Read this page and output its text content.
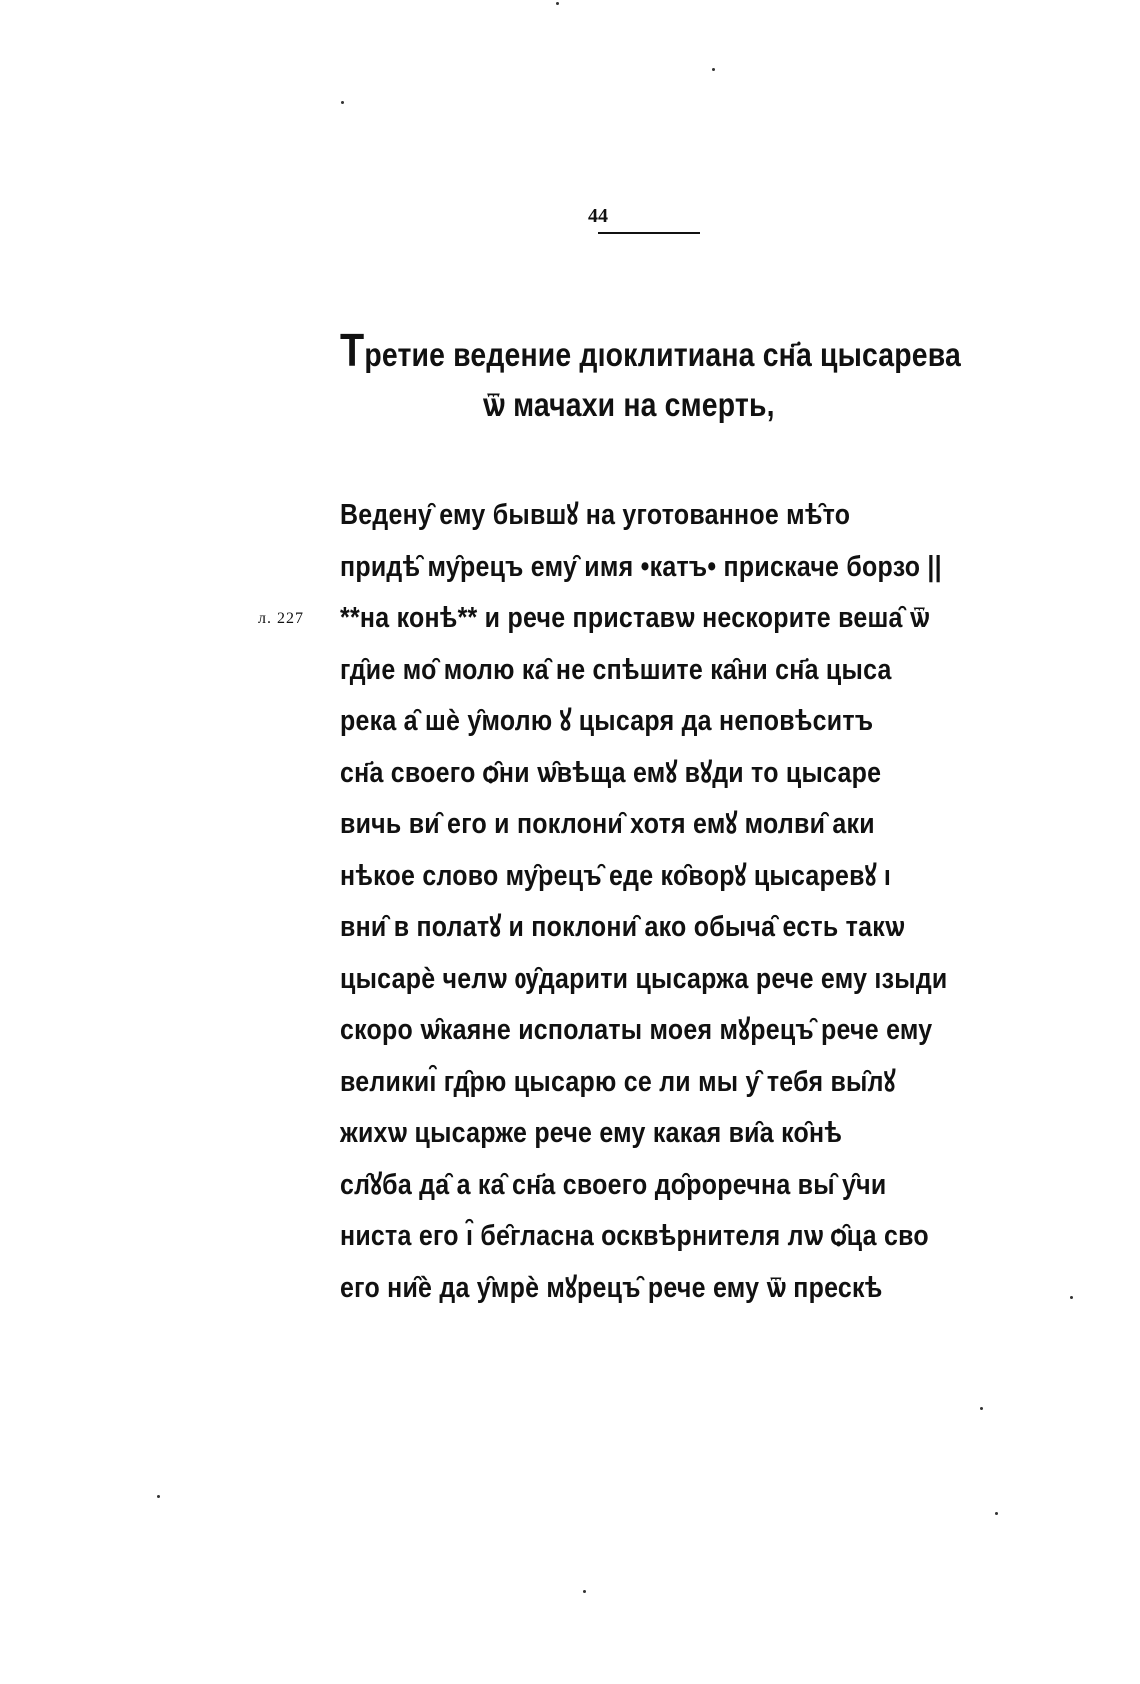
44
Третие ведение дıоклитиана сн҃а цысарева
ѿ мачахи на смерть,
л. 227
Ведену̑ ему бывшꙋ на уготованное мѣ̑то
придѣ̑ му̑рецъ ему̑ имя •катъ• прискаче борзо ||
**на конѣ** и рече приставѡ нескорите веша̑ ѿ
гд̑ие мо̑ молю ка̑ не спѣшите ка̑ни сн҃а цыса
река а̑ шѐ у̑молю ꙋ цысаря да неповѣситъ
сн҃а своего ѻ̑ни ѡ̑вѣща емꙋ вꙋди то цысаре
вичь ви̑ его и поклони̑ хотя емꙋ молви̑ аки
нѣкое слово му̑рецъ̑ еде ко̑ворꙋ цысаревꙋ ı
вни̑ в полатꙋ и поклони̑ ако обыча̑ есть такѡ
цысарѐ челѡ ѹ̑дарити цысаржа рече ему ıзыди
скоро ѡ̑каяне исполаты моея мꙋрецъ̑ рече ему
великиı̑ гд̑рю цысарю се ли мы у̑ тебя вы̑лꙋ
жихѡ цысарже рече ему какая ви̑а ко̑нѣ
сл̑ꙋба да̑ а ка̑ сн҃а своего до̑роречна вы̑ у̑чи
ниста его ı̑ бе̑гласна осквѣрнителя лѡ ѻ̑ца сво
его ни̑ѐ да у̑мрѐ мꙋрецъ̑ рече ему ѿ прескѣ
